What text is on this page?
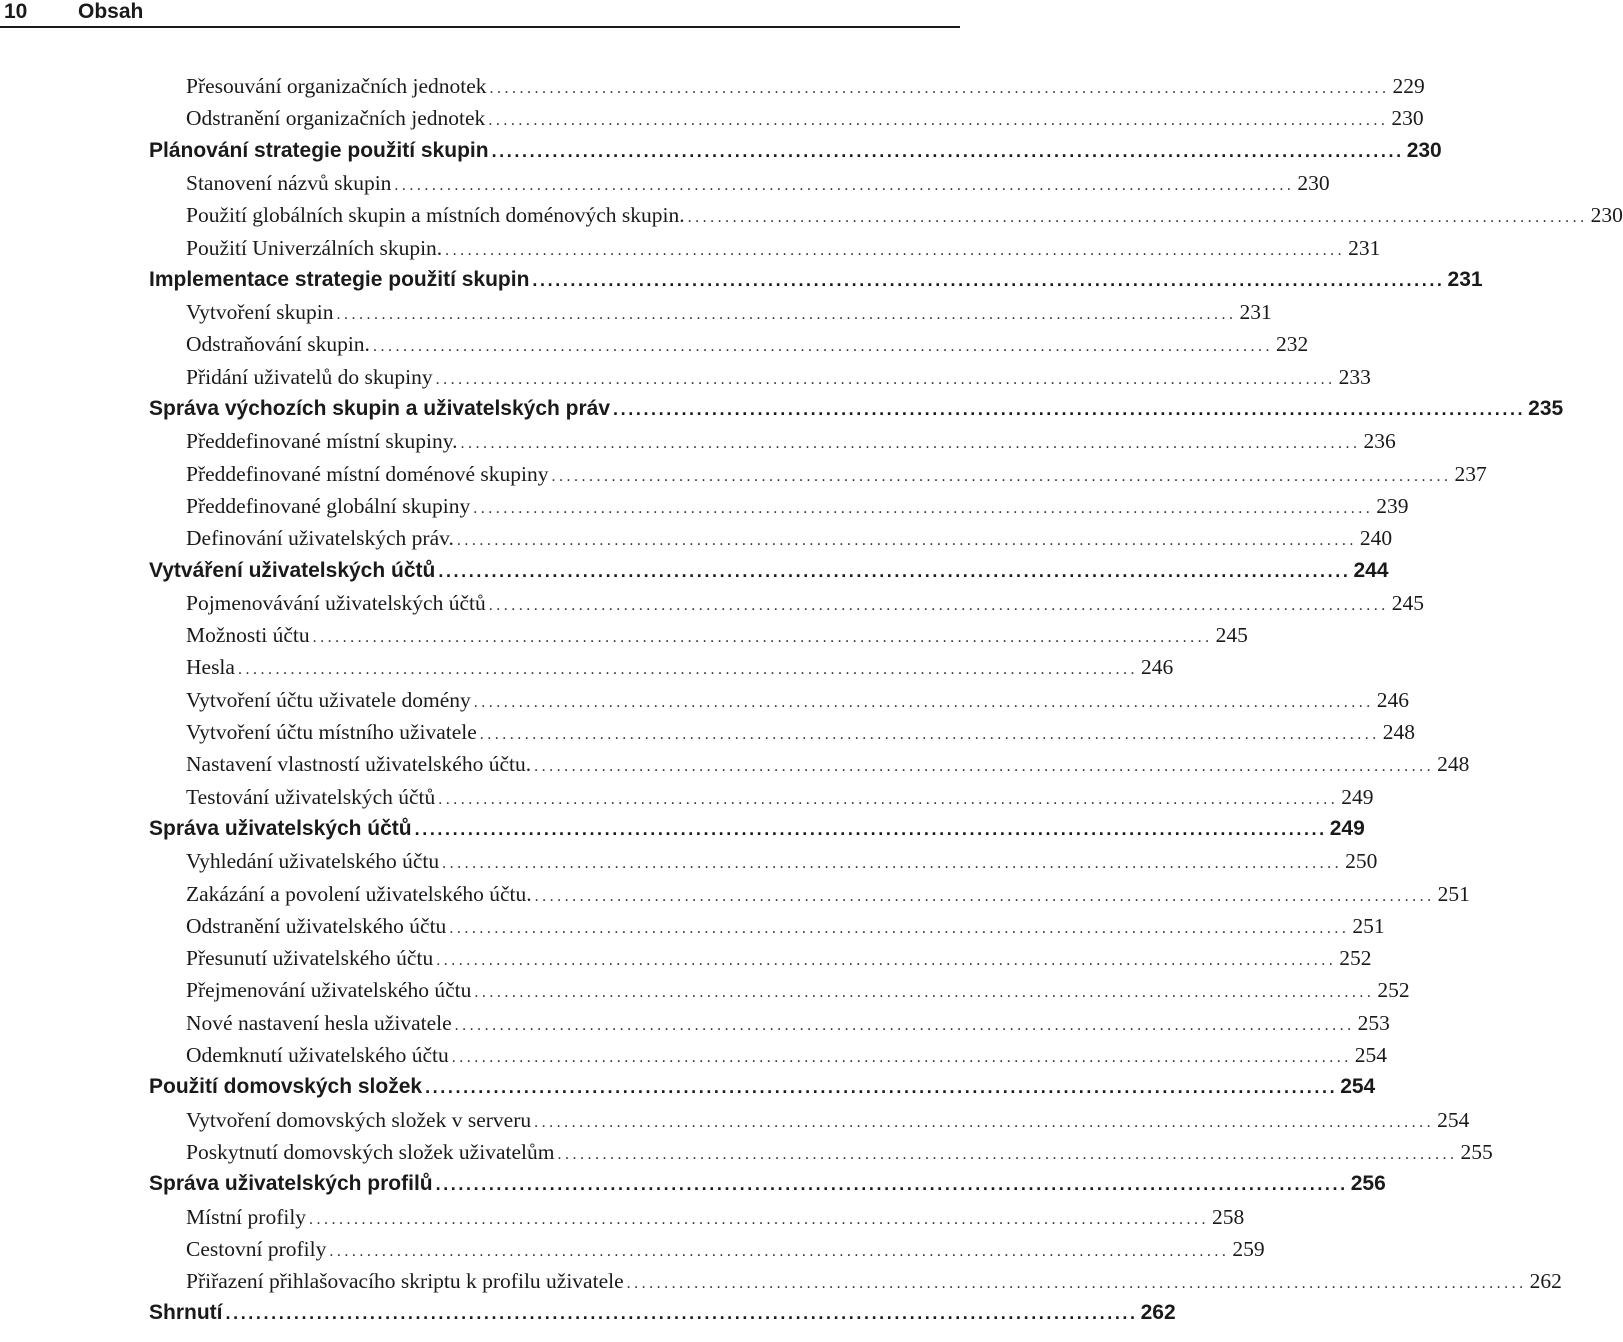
10 Obsah
Přesouvání organizačních jednotek ........................................................................................................................ 229
Odstranění organizačních jednotek ........................................................................................................................ 230
Plánování strategie použití skupin ........................................................................................................................ 230
Stanovení názvů skupin ........................................................................................................................ 230
Použití globálních skupin a místních doménových skupin. ........................................................................................................................ 230
Použití Univerzálních skupin. ........................................................................................................................ 231
Implementace strategie použití skupin ........................................................................................................................ 231
Vytvoření skupin ........................................................................................................................ 231
Odstraňování skupin. ........................................................................................................................ 232
Přidání uživatelů do skupiny ........................................................................................................................ 233
Správa výchozích skupin a uživatelských práv ........................................................................................................................ 235
Předdefinované místní skupiny. ........................................................................................................................ 236
Předdefinované místní doménové skupiny ........................................................................................................................ 237
Předdefinované globální skupiny ........................................................................................................................ 239
Definování uživatelských práv. ........................................................................................................................ 240
Vytváření uživatelských účtů ........................................................................................................................ 244
Pojmenovávání uživatelských účtů ........................................................................................................................ 245
Možnosti účtu ........................................................................................................................ 245
Hesla ........................................................................................................................ 246
Vytvoření účtu uživatele domény ........................................................................................................................ 246
Vytvoření účtu místního uživatele ........................................................................................................................ 248
Nastavení vlastností uživatelského účtu. ........................................................................................................................ 248
Testování uživatelských účtů ........................................................................................................................ 249
Správa uživatelských účtů ........................................................................................................................ 249
Vyhledání uživatelského účtu ........................................................................................................................ 250
Zakázání a povolení uživatelského účtu. ........................................................................................................................ 251
Odstranění uživatelského účtu ........................................................................................................................ 251
Přesunutí uživatelského účtu ........................................................................................................................ 252
Přejmenování uživatelského účtu ........................................................................................................................ 252
Nové nastavení hesla uživatele ........................................................................................................................ 253
Odemknutí uživatelského účtu ........................................................................................................................ 254
Použití domovských složek ........................................................................................................................ 254
Vytvoření domovských složek v serveru ........................................................................................................................ 254
Poskytnutí domovských složek uživatelům ........................................................................................................................ 255
Správa uživatelských profilů ........................................................................................................................ 256
Místní profily ........................................................................................................................ 258
Cestovní profily ........................................................................................................................ 259
Přiřazení přihlašovacího skriptu k profilu uživatele ........................................................................................................................ 262
Shrnutí ........................................................................................................................ 262
